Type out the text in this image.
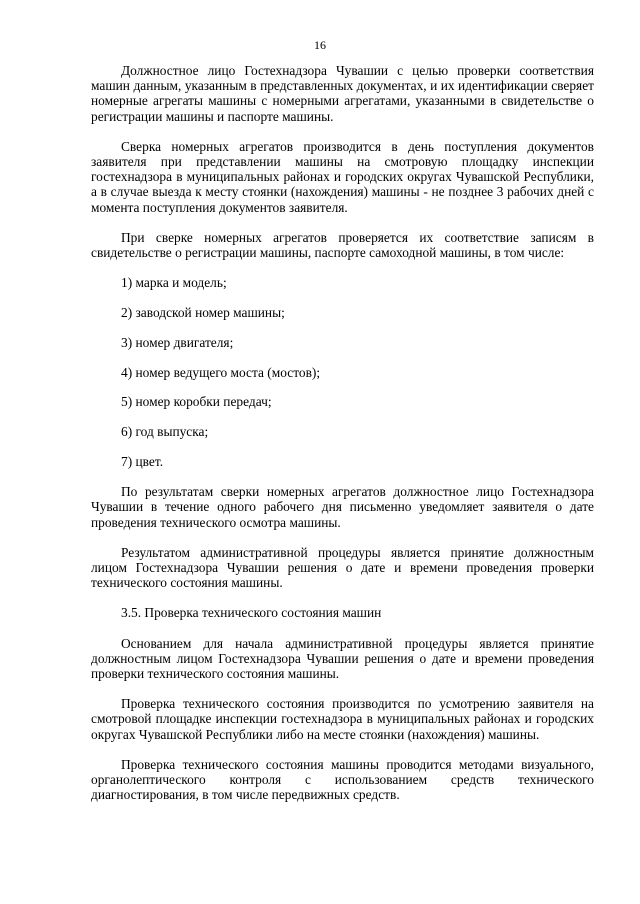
16

Должностное лицо Гостехнадзора Чувашии с целью проверки соответствия машин данным, указанным в представленных документах, и их идентификации сверяет номерные агрегаты машины с номерными агрегатами, указанными в свидетельстве о регистрации машины и паспорте машины.

Сверка номерных агрегатов производится в день поступления документов заявителя при представлении машины на смотровую площадку инспекции гостехнадзора в муниципальных районах и городских округах Чувашской Республики, а в случае выезда к месту стоянки (нахождения) машины - не позднее 3 рабочих дней с момента поступления документов заявителя.

При сверке номерных агрегатов проверяется их соответствие записям в свидетельстве о регистрации машины, паспорте самоходной машины, в том числе:

1) марка и модель;
2) заводской номер машины;
3) номер двигателя;
4) номер ведущего моста (мостов);
5) номер коробки передач;
6) год выпуска;
7) цвет.

По результатам сверки номерных агрегатов должностное лицо Гостехнадзора Чувашии в течение одного рабочего дня письменно уведомляет заявителя о дате проведения технического осмотра машины.

Результатом административной процедуры является принятие должностным лицом Гостехнадзора Чувашии решения о дате и времени проведения проверки технического состояния машины.

3.5. Проверка технического состояния машин

Основанием для начала административной процедуры является принятие должностным лицом Гостехнадзора Чувашии решения о дате и времени проведения проверки технического состояния машины.

Проверка технического состояния производится по усмотрению заявителя на смотровой площадке инспекции гостехнадзора в муниципальных районах и городских округах Чувашской Республики либо на месте стоянки (нахождения) машины.

Проверка технического состояния машины проводится методами визуального, органолептического контроля с использованием средств технического диагностирования, в том числе передвижных средств.
